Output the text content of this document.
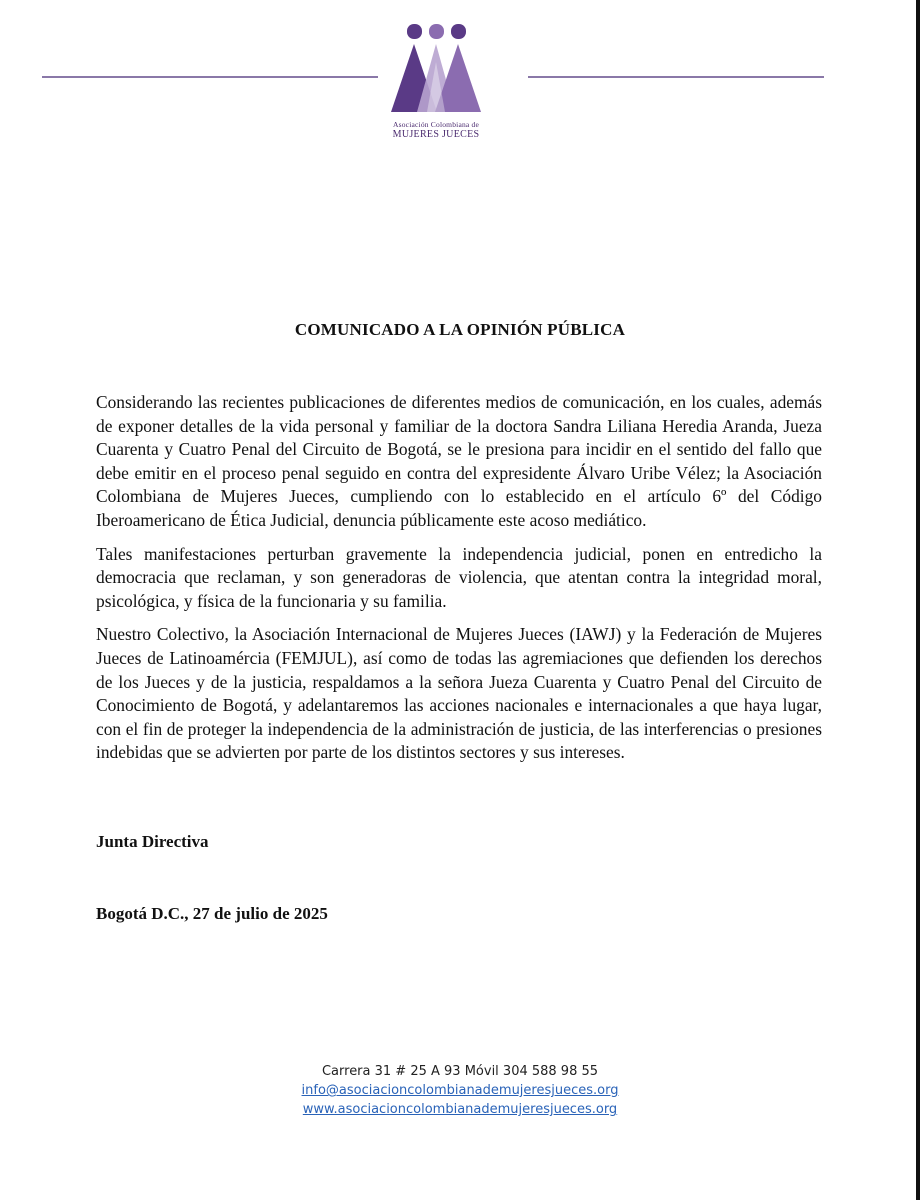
Asociación Colombiana de
MUJERES JUECES
COMUNICADO A LA OPINIÓN PÚBLICA

Considerando las recientes publicaciones de diferentes medios de comunicación, en los cuales, además de exponer detalles de la vida personal y familiar de la doctora Sandra Liliana Heredia Aranda, Jueza Cuarenta y Cuatro Penal del Circuito de Bogotá, se le presiona para incidir en el sentido del fallo que debe emitir en el proceso penal seguido en contra del expresidente Álvaro Uribe Vélez; la Asociación Colombiana de Mujeres Jueces, cumpliendo con lo establecido en el artículo 6º del Código Iberoamericano de Ética Judicial, denuncia públicamente este acoso mediático.

Tales manifestaciones perturban gravemente la independencia judicial, ponen en entredicho la democracia que reclaman, y son generadoras de violencia, que atentan contra la integridad moral, psicológica, y física de la funcionaria y su familia.

Nuestro Colectivo, la Asociación Internacional de Mujeres Jueces (IAWJ) y la Federación de Mujeres Jueces de Latinoamércia (FEMJUL), así como de todas las agremiaciones que defienden los derechos de los Jueces y de la justicia, respaldamos a la señora Jueza Cuarenta y Cuatro Penal del Circuito de Conocimiento de Bogotá, y adelantaremos las acciones nacionales e internacionales a que haya lugar, con el fin de proteger la independencia de la administración de justicia, de las interferencias o presiones indebidas que se advierten por parte de los distintos sectores y sus intereses.

Junta Directiva
Bogotá D.C., 27 de julio de 2025
Carrera 31 # 25 A 93 Móvil 304 588 98 55
info@asociacioncolombianademujeresjueces.org
www.asociacioncolombianademujeresjueces.org
